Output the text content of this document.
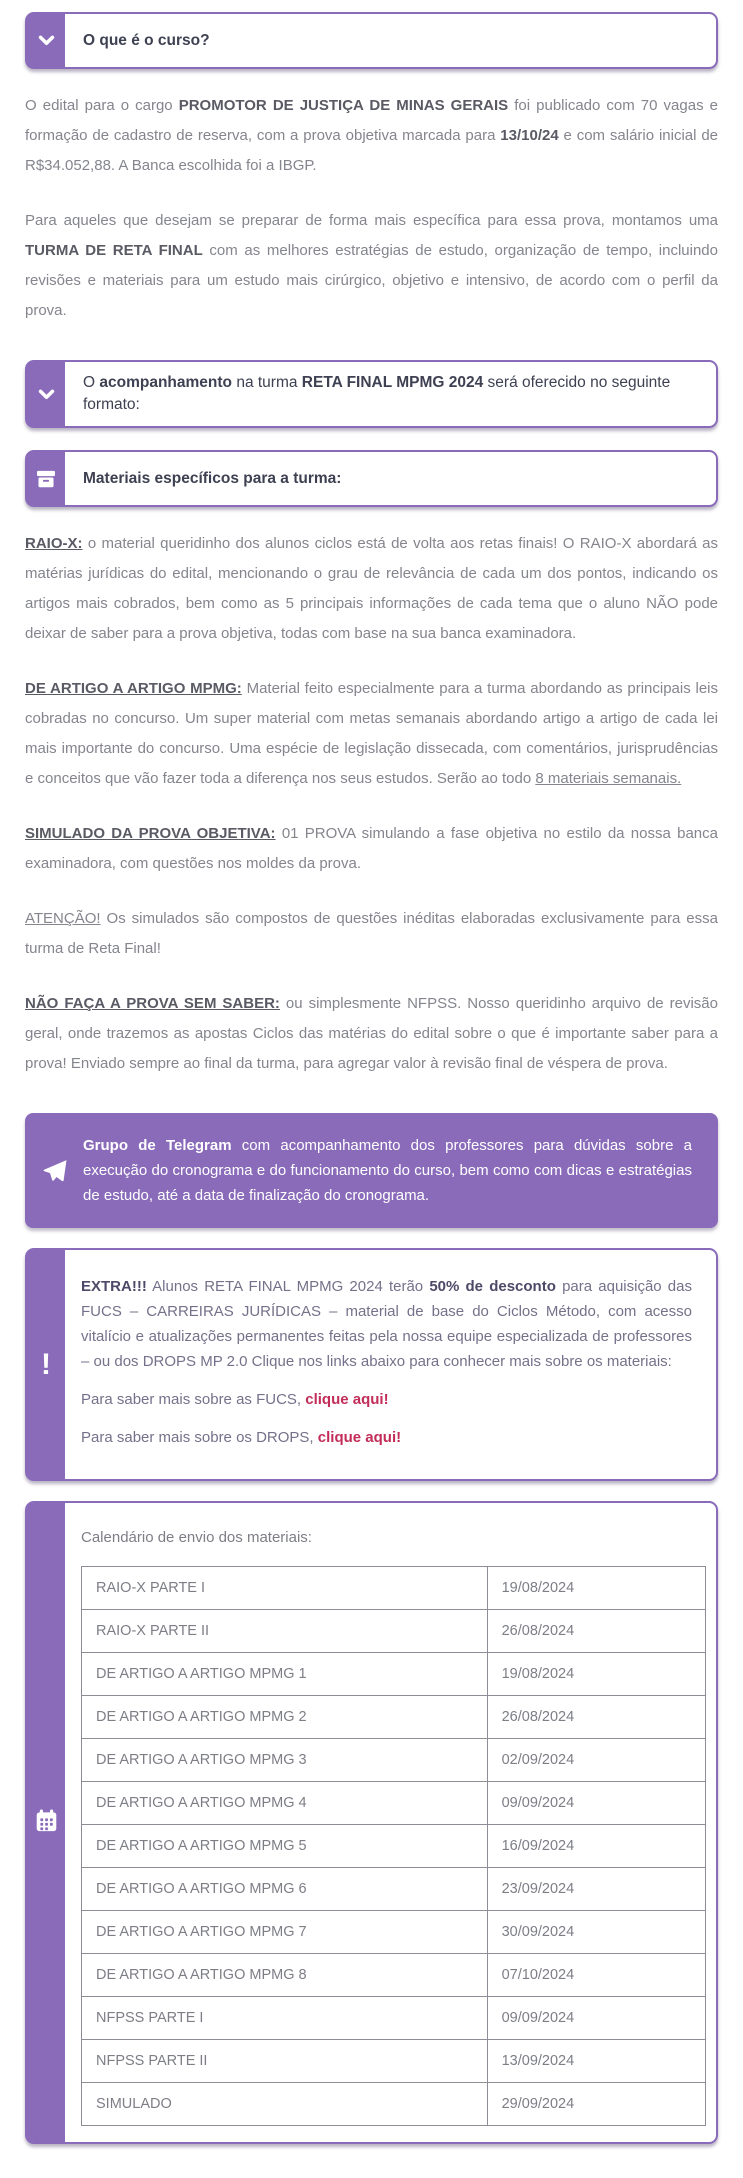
O que é o curso?

O edital para o cargo PROMOTOR DE JUSTIÇA DE MINAS GERAIS foi publicado com 70 vagas e formação de cadastro de reserva, com a prova objetiva marcada para 13/10/24 e com salário inicial de R$34.052,88. A Banca escolhida foi a IBGP.

Para aqueles que desejam se preparar de forma mais específica para essa prova, montamos uma TURMA DE RETA FINAL com as melhores estratégias de estudo, organização de tempo, incluindo revisões e materiais para um estudo mais cirúrgico, objetivo e intensivo, de acordo com o perfil da prova.

O acompanhamento na turma RETA FINAL MPMG 2024 será oferecido no seguinte formato:
Materiais específicos para a turma:

RAIO-X: o material queridinho dos alunos ciclos está de volta aos retas finais! O RAIO-X abordará as matérias jurídicas do edital, mencionando o grau de relevância de cada um dos pontos, indicando os artigos mais cobrados, bem como as 5 principais informações de cada tema que o aluno NÃO pode deixar de saber para a prova objetiva, todas com base na sua banca examinadora.

DE ARTIGO A ARTIGO MPMG: Material feito especialmente para a turma abordando as principais leis cobradas no concurso. Um super material com metas semanais abordando artigo a artigo de cada lei mais importante do concurso. Uma espécie de legislação dissecada, com comentários, jurisprudências e conceitos que vão fazer toda a diferença nos seus estudos. Serão ao todo 8 materiais semanais.

SIMULADO DA PROVA OBJETIVA: 01 PROVA simulando a fase objetiva no estilo da nossa banca examinadora, com questões nos moldes da prova.

ATENÇÃO! Os simulados são compostos de questões inéditas elaboradas exclusivamente para essa turma de Reta Final!

NÃO FAÇA A PROVA SEM SABER: ou simplesmente NFPSS. Nosso queridinho arquivo de revisão geral, onde trazemos as apostas Ciclos das matérias do edital sobre o que é importante saber para a prova! Enviado sempre ao final da turma, para agregar valor à revisão final de véspera de prova.

Grupo de Telegram com acompanhamento dos professores para dúvidas sobre a execução do cronograma e do funcionamento do curso, bem como com dicas e estratégias de estudo, até a data de finalização do cronograma.

!

EXTRA!!! Alunos RETA FINAL MPMG 2024 terão 50% de desconto para aquisição das FUCS – CARREIRAS JURÍDICAS – material de base do Ciclos Método, com acesso vitalício e atualizações permanentes feitas pela nossa equipe especializada de professores – ou dos DROPS MP 2.0 Clique nos links abaixo para conhecer mais sobre os materiais:

Para saber mais sobre as FUCS, clique aqui!

Para saber mais sobre os DROPS, clique aqui!

Calendário de envio dos materiais:

RAIO-X PARTE I	19/08/2024
RAIO-X PARTE II	26/08/2024
DE ARTIGO A ARTIGO MPMG 1	19/08/2024
DE ARTIGO A ARTIGO MPMG 2	26/08/2024
DE ARTIGO A ARTIGO MPMG 3	02/09/2024
DE ARTIGO A ARTIGO MPMG 4	09/09/2024
DE ARTIGO A ARTIGO MPMG 5	16/09/2024
DE ARTIGO A ARTIGO MPMG 6	23/09/2024
DE ARTIGO A ARTIGO MPMG 7	30/09/2024
DE ARTIGO A ARTIGO MPMG 8	07/10/2024
NFPSS PARTE I	09/09/2024
NFPSS PARTE II	13/09/2024
SIMULADO	29/09/2024
